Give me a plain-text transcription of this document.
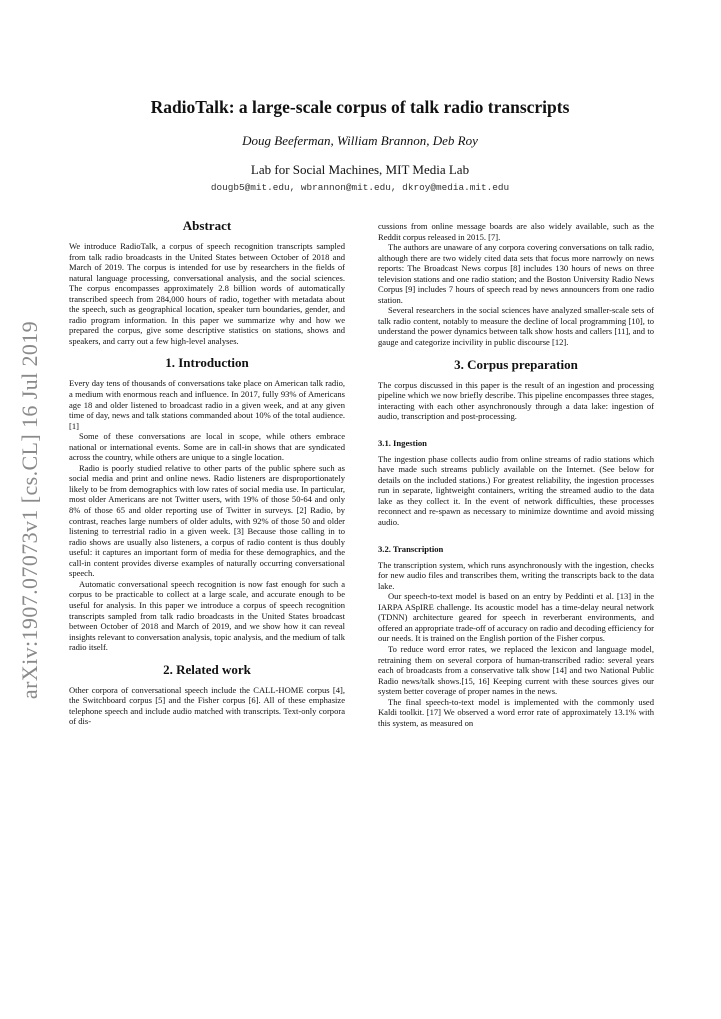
arXiv:1907.07073v1 [cs.CL] 16 Jul 2019
RadioTalk: a large-scale corpus of talk radio transcripts
Doug Beeferman, William Brannon, Deb Roy
Lab for Social Machines, MIT Media Lab
dougb5@mit.edu, wbrannon@mit.edu, dkroy@media.mit.edu
Abstract

We introduce RadioTalk, a corpus of speech recognition transcripts sampled from talk radio broadcasts in the United States between October of 2018 and March of 2019. The corpus is intended for use by researchers in the fields of natural language processing, conversational analysis, and the social sciences. The corpus encompasses approximately 2.8 billion words of automatically transcribed speech from 284,000 hours of radio, together with metadata about the speech, such as geographical location, speaker turn boundaries, gender, and radio program information. In this paper we summarize why and how we prepared the corpus, give some descriptive statistics on stations, shows and speakers, and carry out a few high-level analyses.

1. Introduction

Every day tens of thousands of conversations take place on American talk radio, a medium with enormous reach and influence. In 2017, fully 93% of Americans age 18 and older listened to broadcast radio in a given week, and at any given time of day, news and talk stations commanded about 10% of the total audience. [1]

Some of these conversations are local in scope, while others embrace national or international events. Some are in call-in shows that are syndicated across the country, while others are unique to a single location.

Radio is poorly studied relative to other parts of the public sphere such as social media and print and online news. Radio listeners are disproportionately likely to be from demographics with low rates of social media use. In particular, most older Americans are not Twitter users, with 19% of those 50-64 and only 8% of those 65 and older reporting use of Twitter in surveys. [2] Radio, by contrast, reaches large numbers of older adults, with 92% of those 50 and older listening to terrestrial radio in a given week. [3] Because those calling in to radio shows are usually also listeners, a corpus of radio content is thus doubly useful: it captures an important form of media for these demographics, and the call-in content provides diverse examples of naturally occurring conversational speech.

Automatic conversational speech recognition is now fast enough for such a corpus to be practicable to collect at a large scale, and accurate enough to be useful for analysis. In this paper we introduce a corpus of speech recognition transcripts sampled from talk radio broadcasts in the United States broadcast between October of 2018 and March of 2019, and we show how it can reveal insights relevant to conversation analysis, topic analysis, and the medium of talk radio itself.

2. Related work

Other corpora of conversational speech include the CALL-HOME corpus [4], the Switchboard corpus [5] and the Fisher corpus [6]. All of these emphasize telephone speech and include audio matched with transcripts. Text-only corpora of dis-

cussions from online message boards are also widely available, such as the Reddit corpus released in 2015. [7].

The authors are unaware of any corpora covering conversations on talk radio, although there are two widely cited data sets that focus more narrowly on news reports: The Broadcast News corpus [8] includes 130 hours of news on three television stations and one radio station; and the Boston University Radio News Corpus [9] includes 7 hours of speech read by news announcers from one radio station.

Several researchers in the social sciences have analyzed smaller-scale sets of talk radio content, notably to measure the decline of local programming [10], to understand the power dynamics between talk show hosts and callers [11], and to gauge and categorize incivility in public discourse [12].

3. Corpus preparation

The corpus discussed in this paper is the result of an ingestion and processing pipeline which we now briefly describe. This pipeline encompasses three stages, interacting with each other asynchronously through a data lake: ingestion of audio, transcription and post-processing.

3.1. Ingestion

The ingestion phase collects audio from online streams of radio stations which have made such streams publicly available on the Internet. (See below for details on the included stations.) For greatest reliability, the ingestion processes run in separate, lightweight containers, writing the streamed audio to the data lake as they collect it. In the event of network difficulties, these processes reconnect and re-spawn as necessary to minimize downtime and avoid missing audio.

3.2. Transcription

The transcription system, which runs asynchronously with the ingestion, checks for new audio files and transcribes them, writing the transcripts back to the data lake.

Our speech-to-text model is based on an entry by Peddinti et al. [13] in the IARPA ASpIRE challenge. Its acoustic model has a time-delay neural network (TDNN) architecture geared for speech in reverberant environments, and offered an appropriate trade-off of accuracy on radio and decoding efficiency for our needs. It is trained on the English portion of the Fisher corpus.

To reduce word error rates, we replaced the lexicon and language model, retraining them on several corpora of human-transcribed radio: several years each of broadcasts from a conservative talk show [14] and two National Public Radio news/talk shows.[15, 16] Keeping current with these sources gives our system better coverage of proper names in the news.

The final speech-to-text model is implemented with the commonly used Kaldi toolkit. [17] We observed a word error rate of approximately 13.1% with this system, as measured on
